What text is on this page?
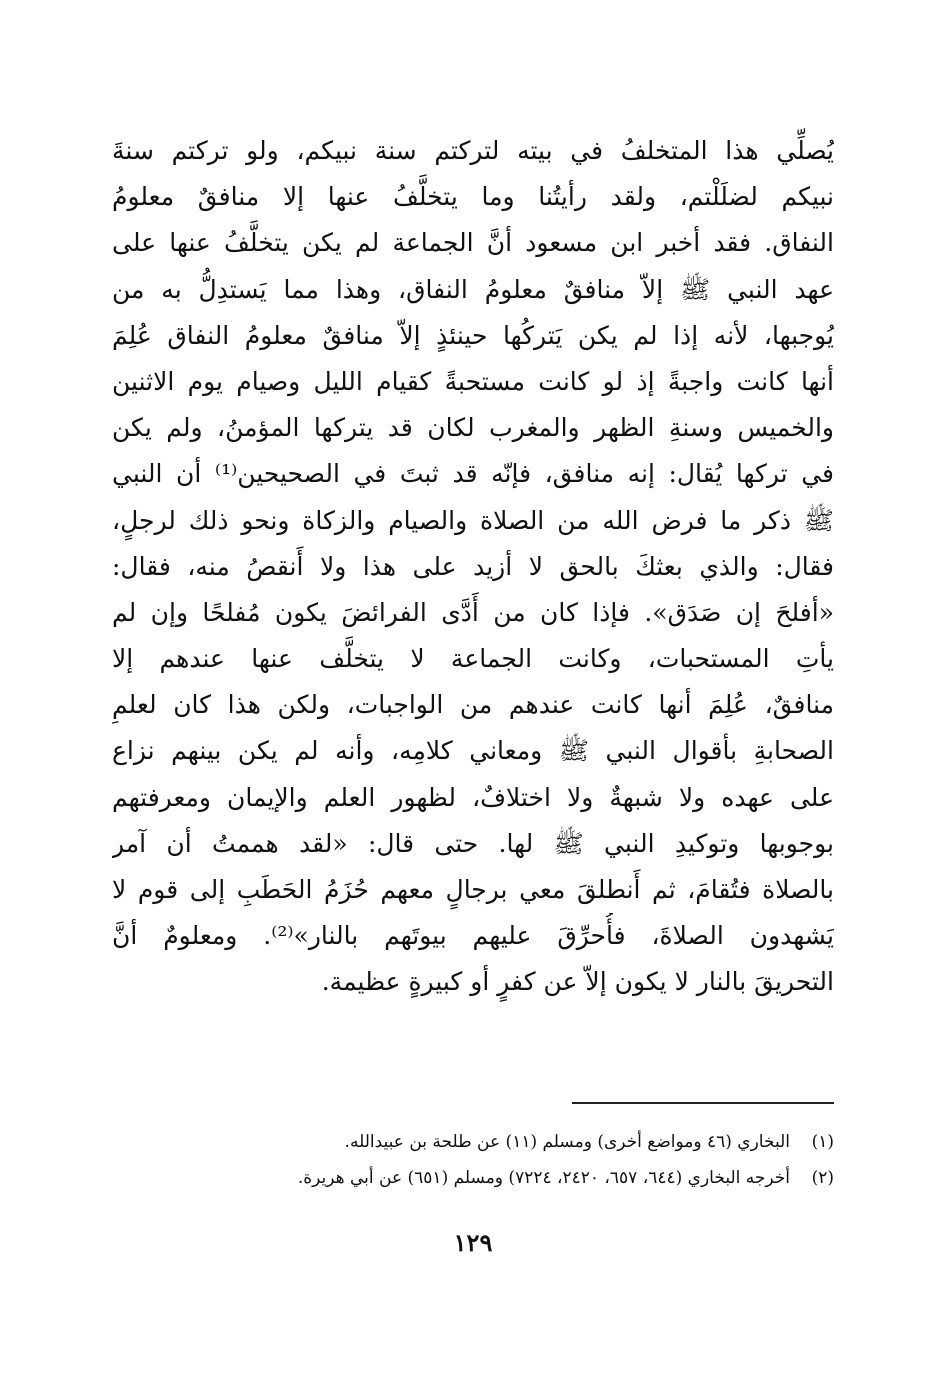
يُصلِّي هذا المتخلفُ في بيته لتركتم سنة نبيكم، ولو تركتم سنةَ
نبيكم لضلَلْتم، ولقد رأيتُنا وما يتخلَّفُ عنها إلا منافقٌ معلومُ
النفاق. فقد أخبر ابن مسعود أنَّ الجماعة لم يكن يتخلَّفُ عنها على
عهد النبي ﷺ إلاّ منافقٌ معلومُ النفاق، وهذا مما يَستدِلُّ به من
يُوجبها، لأنه إذا لم يكن يَتركُها حينئذٍ إلاّ منافقٌ معلومُ النفاق عُلِمَ
أنها كانت واجبةً إذ لو كانت مستحبةً كقيام الليل وصيام يوم الاثنين
والخميس وسنةِ الظهر والمغرب لكان قد يتركها المؤمنُ، ولم يكن
في تركها يُقال: إنه منافق، فإنّه قد ثبتَ في الصحيحين⁽¹⁾ أن النبي
ﷺ ذكر ما فرض الله من الصلاة والصيام والزكاة ونحو ذلك لرجلٍ،
فقال: والذي بعثكَ بالحق لا أزيد على هذا ولا أَنقصُ منه، فقال:
«أفلحَ إن صَدَق». فإذا كان من أَدَّى الفرائضَ يكون مُفلحًا وإن لم
يأتِ المستحبات، وكانت الجماعة لا يتخلَّف عنها عندهم إلا
منافقٌ، عُلِمَ أنها كانت عندهم من الواجبات، ولكن هذا كان لعلمِ
الصحابةِ بأقوال النبي ﷺ ومعاني كلامِه، وأنه لم يكن بينهم نزاع
على عهده ولا شبهةٌ ولا اختلافٌ، لظهور العلم والإيمان ومعرفتهم
بوجوبها وتوكيدِ النبي ﷺ لها. حتى قال: «لقد هممتُ أن آمر
بالصلاة فتُقامَ، ثم أَنطلقَ معي برجالٍ معهم حُزَمُ الحَطَبِ إلى قوم لا
يَشهدون الصلاةَ، فأُحرِّقَ عليهم بيوتَهم بالنار»⁽²⁾. ومعلومٌ أنَّ
التحريقَ بالنار لا يكون إلاّ عن كفرٍ أو كبيرةٍ عظيمة.
(١)البخاري (٤٦ ومواضع أخرى) ومسلم (١١) عن طلحة بن عبيدالله.
(٢)أخرجه البخاري (٦٤٤، ٦٥٧، ٢٤٢٠، ٧٢٢٤) ومسلم (٦٥١) عن أبي هريرة.
١٢٩
